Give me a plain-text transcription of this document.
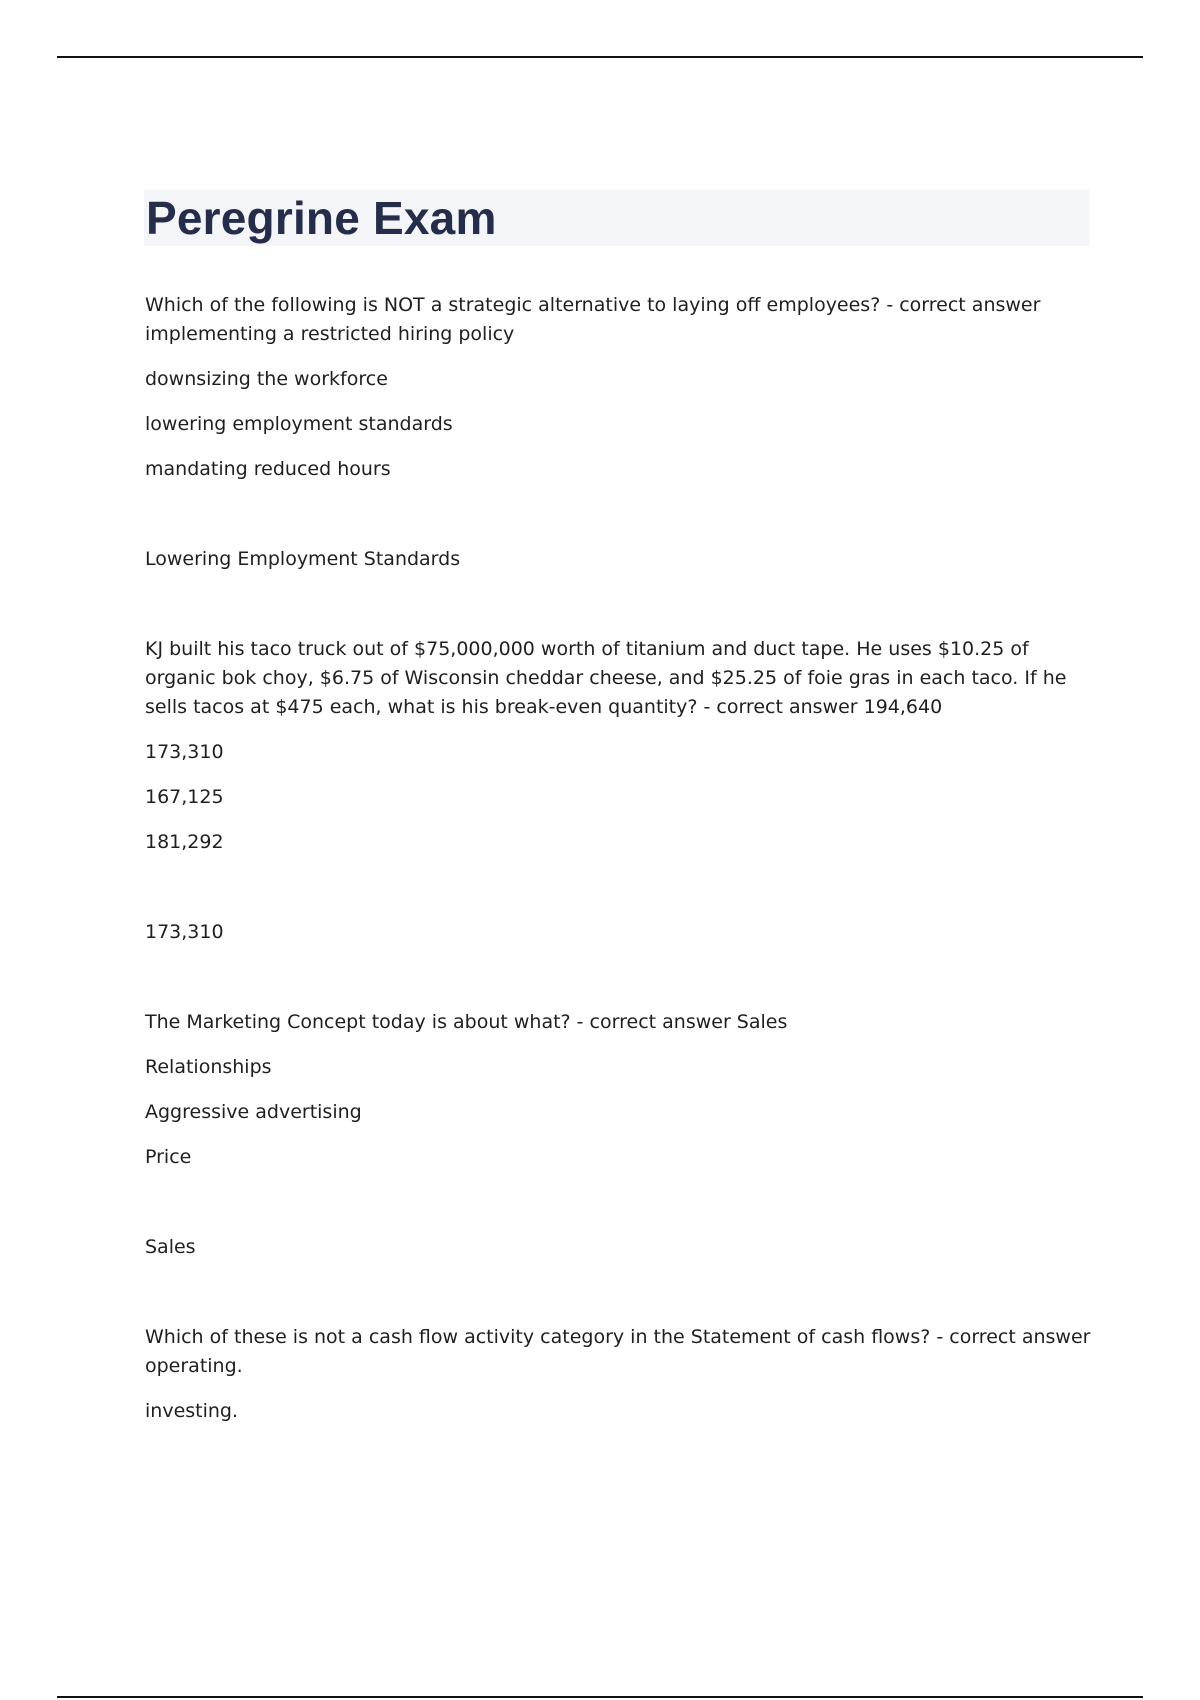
Peregrine Exam

Which of the following is NOT a strategic alternative to laying off employees? - correct answer implementing a restricted hiring policy

downsizing the workforce

lowering employment standards

mandating reduced hours

Lowering Employment Standards

KJ built his taco truck out of $75,000,000 worth of titanium and duct tape. He uses $10.25 of organic bok choy, $6.75 of Wisconsin cheddar cheese, and $25.25 of foie gras in each taco. If he sells tacos at $475 each, what is his break-even quantity? - correct answer 194,640

173,310

167,125

181,292

173,310

The Marketing Concept today is about what? - correct answer Sales

Relationships

Aggressive advertising

Price

Sales

Which of these is not a cash flow activity category in the Statement of cash flows? - correct answer operating.

investing.
